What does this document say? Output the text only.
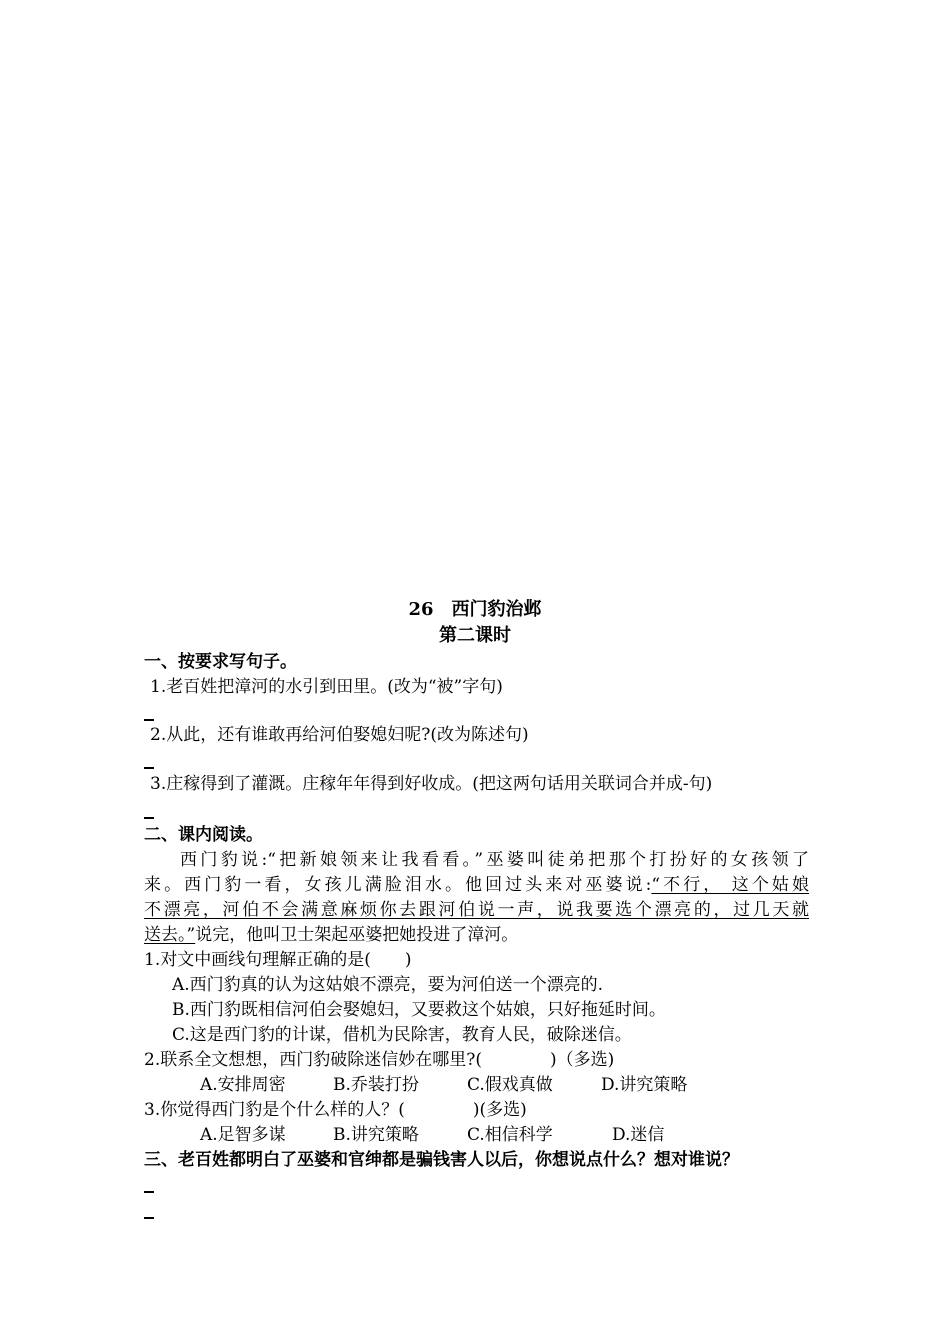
26　西门豹治邺
第二课时
一、按要求写句子。
1.老百姓把漳河的水引到田里。(改为“被”字句)
2.从此，还有谁敢再给河伯娶媳妇呢?(改为陈述句)
3.庄稼得到了灌溉。庄稼年年得到好收成。(把这两句话用关联词合并成-句)
二、课内阅读。
西门豹说:“把新娘领来让我看看。”巫婆叫徒弟把那个打扮好的女孩领了
来。西门豹一看，女孩儿满脸泪水。他回过头来对巫婆说:“不行， 这个姑娘
不漂亮，河伯不会满意麻烦你去跟河伯说一声，说我要选个漂亮的，过几天就
送去。”说完，他叫卫士架起巫婆把她投进了漳河。
1.对文中画线句理解正确的是(　　)
A.西门豹真的认为这姑娘不漂亮，要为河伯送一个漂亮的.
B.西门豹既相信河伯会娶媳妇，又要救这个姑娘，只好拖延时间。
C.这是西门豹的计谋，借机为民除害，教育人民，破除迷信。
2.联系全文想想，西门豹破除迷信妙在哪里?(　　　　)（多选)
A.安排周密	B.乔装打扮	C.假戏真做	D.讲究策略
3.你觉得西门豹是个什么样的人？(　　　　)(多选)
A.足智多谋	B.讲究策略	C.相信科学	D.迷信
三、老百姓都明白了巫婆和官绅都是骗钱害人以后，你想说点什么？想对谁说？
